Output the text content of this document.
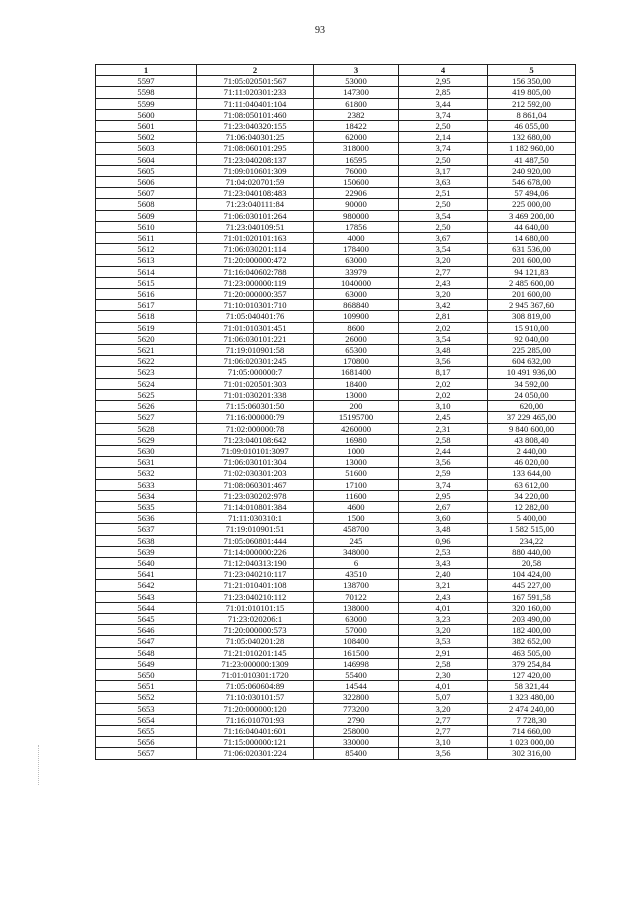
93
1	2	3	4	5
5597	71:05:020501:567	53000	2,95	156 350,00
5598	71:11:020301:233	147300	2,85	419 805,00
5599	71:11:040401:104	61800	3,44	212 592,00
5600	71:08:050101:460	2382	3,74	8 861,04
5601	71:23:040320:155	18422	2,50	46 055,00
5602	71:06:040301:25	62000	2,14	132 680,00
5603	71:08:060101:295	318000	3,74	1 182 960,00
5604	71:23:040208:137	16595	2,50	41 487,50
5605	71:09:010601:309	76000	3,17	240 920,00
5606	71:04:020701:59	150600	3,63	546 678,00
5607	71:23:040108:483	22906	2,51	57 494,06
5608	71:23:040111:84	90000	2,50	225 000,00
5609	71:06:030101:264	980000	3,54	3 469 200,00
5610	71:23:040109:51	17856	2,50	44 640,00
5611	71:01:020101:163	4000	3,67	14 680,00
5612	71:06:030201:114	178400	3,54	631 536,00
5613	71:20:000000:472	63000	3,20	201 600,00
5614	71:16:040602:788	33979	2,77	94 121,83
5615	71:23:000000:119	1040000	2,43	2 485 600,00
5616	71:20:000000:357	63000	3,20	201 600,00
5617	71:10:010301:710	868840	3,42	2 945 367,60
5618	71:05:040401:76	109900	2,81	308 819,00
5619	71:01:010301:451	8600	2,02	15 910,00
5620	71:06:030101:221	26000	3,54	92 040,00
5621	71:19:010901:58	65300	3,48	225 285,00
5622	71:06:020301:245	170800	3,56	604 632,00
5623	71:05:000000:7	1681400	8,17	10 491 936,00
5624	71:01:020501:303	18400	2,02	34 592,00
5625	71:01:030201:338	13000	2,02	24 050,00
5626	71:15:060301:50	200	3,10	620,00
5627	71:16:000000:79	15195700	2,45	37 229 465,00
5628	71:02:000000:78	4260000	2,31	9 840 600,00
5629	71:23:040108:642	16980	2,58	43 808,40
5630	71:09:010101:3097	1000	2,44	2 440,00
5631	71:06:030101:304	13000	3,56	46 020,00
5632	71:02:030301:203	51600	2,59	133 644,00
5633	71:08:060301:467	17100	3,74	63 612,00
5634	71:23:030202:978	11600	2,95	34 220,00
5635	71:14:010801:384	4600	2,67	12 282,00
5636	71:11:030310:1	1500	3,60	5 400,00
5637	71:19:010901:51	458700	3,48	1 582 515,00
5638	71:05:060801:444	245	0,96	234,22
5639	71:14:000000:226	348000	2,53	880 440,00
5640	71:12:040313:190	6	3,43	20,58
5641	71:23:040210:117	43510	2,40	104 424,00
5642	71:21:010401:108	138700	3,21	445 227,00
5643	71:23:040210:112	70122	2,43	167 591,58
5644	71:01:010101:15	138000	4,01	320 160,00
5645	71:23:020206:1	63000	3,23	203 490,00
5646	71:20:000000:573	57000	3,20	182 400,00
5647	71:05:040201:28	108400	3,53	382 652,00
5648	71:21:010201:145	161500	2,91	463 505,00
5649	71:23:000000:1309	146998	2,58	379 254,84
5650	71:01:010301:1720	55400	2,30	127 420,00
5651	71:05:060604:89	14544	4,01	58 321,44
5652	71:10:030101:57	322800	5,07	1 323 480,00
5653	71:20:000000:120	773200	3,20	2 474 240,00
5654	71:16:010701:93	2790	2,77	7 728,30
5655	71:16:040401:601	258000	2,77	714 660,00
5656	71:15:000000:121	330000	3,10	1 023 000,00
5657	71:06:020301:224	85400	3,56	302 316,00
